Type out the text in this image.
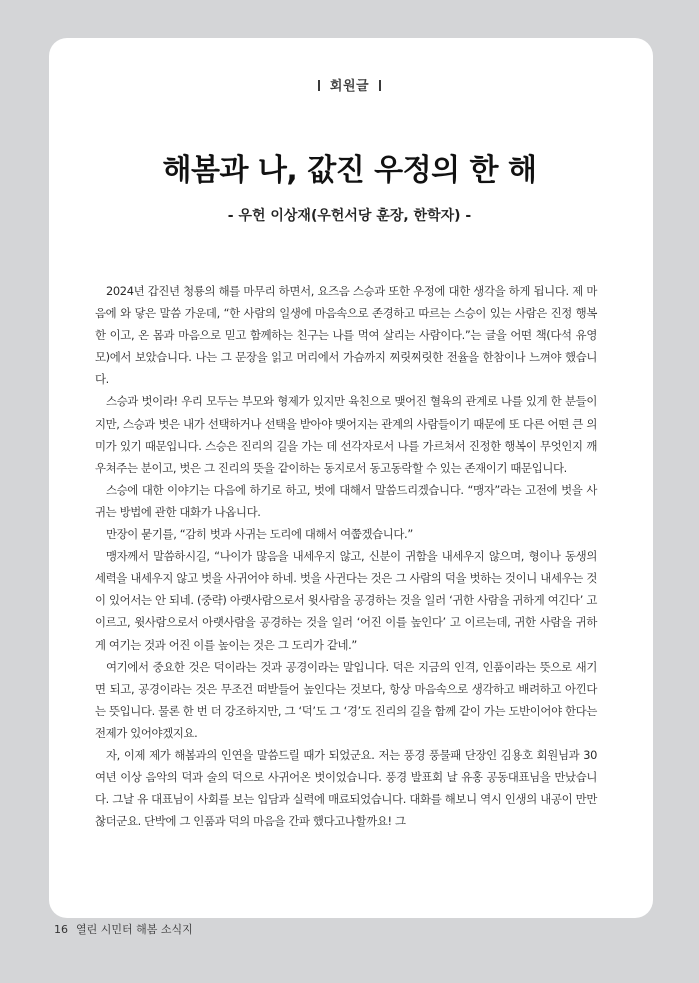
회원글
해봄과 나, 값진 우정의 한 해
- 우헌 이상재(우헌서당 훈장, 한학자) -

2024년 갑진년 청룡의 해를 마무리 하면서, 요즈음 스승과 또한 우정에 대한 생각을 하게 됩니다. 제 마음에 와 닿은 말씀 가운데, “한 사람의 일생에 마음속으로 존경하고 따르는 스승이 있는 사람은 진정 행복한 이고, 온 몸과 마음으로 믿고 함께하는 친구는 나를 먹여 살리는 사람이다.”는 글을 어떤 책(다석 유영모)에서 보았습니다. 나는 그 문장을 읽고 머리에서 가슴까지 찌릿찌릿한 전율을 한참이나 느껴야 했습니다.

스승과 벗이라! 우리 모두는 부모와 형제가 있지만 육친으로 맺어진 혈육의 관계로 나를 있게 한 분들이지만, 스승과 벗은 내가 선택하거나 선택을 받아야 맺어지는 관계의 사람들이기 때문에 또 다른 어떤 큰 의미가 있기 때문입니다. 스승은 진리의 길을 가는 데 선각자로서 나를 가르쳐서 진정한 행복이 무엇인지 깨우쳐주는 분이고, 벗은 그 진리의 뜻을 같이하는 동지로서 동고동락할 수 있는 존재이기 때문입니다.

스승에 대한 이야기는 다음에 하기로 하고, 벗에 대해서 말씀드리겠습니다. “맹자”라는 고전에 벗을 사귀는 방법에 관한 대화가 나옵니다.

만장이 묻기를, “감히 벗과 사귀는 도리에 대해서 여쭙겠습니다.”

맹자께서 말씀하시길, “나이가 많음을 내세우지 않고, 신분이 귀함을 내세우지 않으며, 형이나 동생의 세력을 내세우지 않고 벗을 사귀어야 하네. 벗을 사귄다는 것은 그 사람의 덕을 벗하는 것이니 내세우는 것이 있어서는 안 되네. (중략) 아랫사람으로서 윗사람을 공경하는 것을 일러 ‘귀한 사람을 귀하게 여긴다’ 고 이르고, 윗사람으로서 아랫사람을 공경하는 것을 일러 ‘어진 이를 높인다’ 고 이르는데, 귀한 사람을 귀하게 여기는 것과 어진 이를 높이는 것은 그 도리가 같네.”

여기에서 중요한 것은 덕이라는 것과 공경이라는 말입니다. 덕은 지금의 인격, 인품이라는 뜻으로 새기면 되고, 공경이라는 것은 무조건 떠받들어 높인다는 것보다, 항상 마음속으로 생각하고 배려하고 아낀다는 뜻입니다. 물론 한 번 더 강조하지만, 그 ‘덕’도 그 ‘경’도 진리의 길을 함께 같이 가는 도반이어야 한다는 전제가 있어야겠지요.

자, 이제 제가 해봄과의 인연을 말씀드릴 때가 되었군요. 저는 풍경 풍물패 단장인 김용호 회원님과 30여년 이상 음악의 덕과 술의 덕으로 사귀어온 벗이었습니다. 풍경 발표회 날 유홍 공동대표님을 만났습니다. 그날 유 대표님이 사회를 보는 입담과 실력에 매료되었습니다. 대화를 해보니 역시 인생의 내공이 만만찮더군요. 단박에 그 인품과 덕의 마음을 간파 했다고나할까요! 그

16 열린 시민터 해봄 소식지
